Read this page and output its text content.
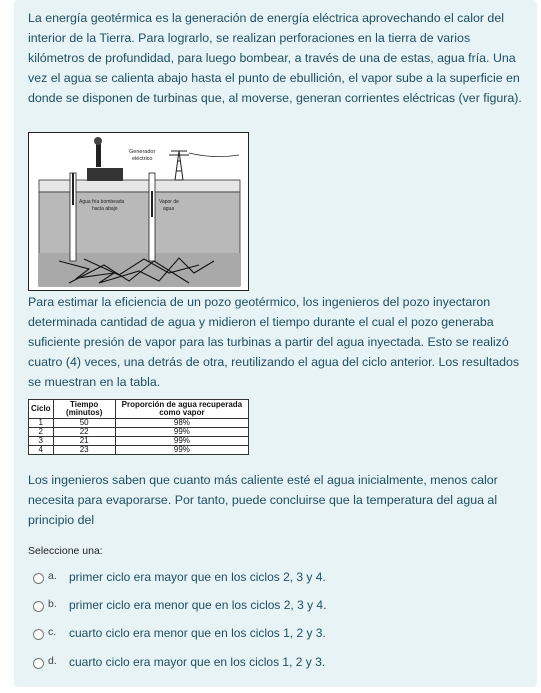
La energía geotérmica es la generación de energía eléctrica aprovechando el calor del interior de la Tierra. Para lograrlo, se realizan perforaciones en la tierra de varios kilómetros de profundidad, para luego bombear, a través de una de estas, agua fría. Una vez el agua se calienta abajo hasta el punto de ebullición, el vapor sube a la superficie en donde se disponen de turbinas que, al moverse, generan corrientes eléctricas (ver figura).

Para estimar la eficiencia de un pozo geotérmico, los ingenieros del pozo inyectaron determinada cantidad de agua y midieron el tiempo durante el cual el pozo generaba suficiente presión de vapor para las turbinas a partir del agua inyectada. Esto se realizó cuatro (4) veces, una detrás de otra, reutilizando el agua del ciclo anterior. Los resultados se muestran en la tabla.

Los ingenieros saben que cuanto más caliente esté el agua inicialmente, menos calor necesita para evaporarse. Por tanto, puede concluirse que la temperatura del agua al principio del

Generador
eléctrico
Agua fría bombeada
hacia abajo
Vapor de
agua
Ciclo	Tiempo (minutos)	Proporción de agua recuperada como vapor
1	50	98%
2	22	99%
3	21	99%
4	23	99%
Seleccione una:
a. primer ciclo era mayor que en los ciclos 2, 3 y 4.
b. primer ciclo era menor que en los ciclos 2, 3 y 4.
c. cuarto ciclo era menor que en los ciclos 1, 2 y 3.
d. cuarto ciclo era mayor que en los ciclos 1, 2 y 3.
